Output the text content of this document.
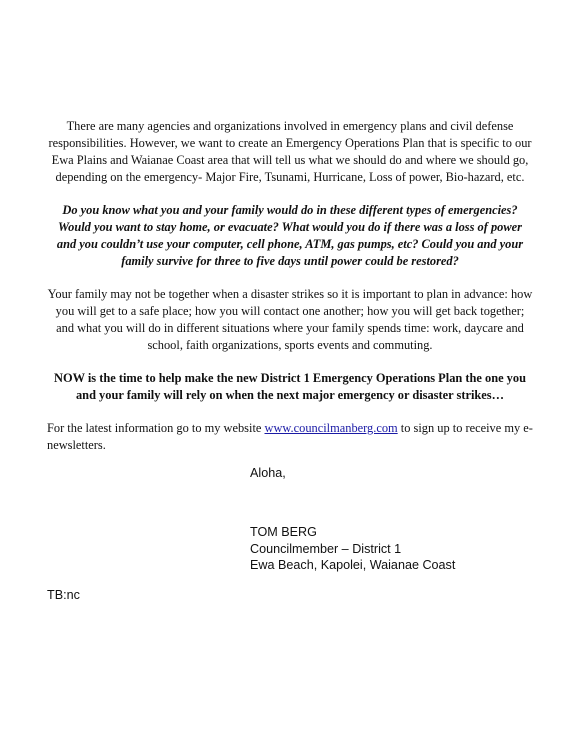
There are many agencies and organizations involved in emergency plans and civil defense responsibilities. However, we want to create an Emergency Operations Plan that is specific to our Ewa Plains and Waianae Coast area that will tell us what we should do and where we should go, depending on the emergency- Major Fire, Tsunami, Hurricane, Loss of power, Bio-hazard, etc.

Do you know what you and your family would do in these different types of emergencies? Would you want to stay home, or evacuate? What would you do if there was a loss of power and you couldn’t use your computer, cell phone, ATM, gas pumps, etc? Could you and your family survive for three to five days until power could be restored?

Your family may not be together when a disaster strikes so it is important to plan in advance: how you will get to a safe place; how you will contact one another; how you will get back together; and what you will do in different situations where your family spends time: work, daycare and school, faith organizations, sports events and commuting.

NOW is the time to help make the new District 1 Emergency Operations Plan the one you and your family will rely on when the next major emergency or disaster strikes…

For the latest information go to my website www.councilmanberg.com to sign up to receive my e-newsletters.

Aloha,

TOM BERG
Councilmember – District 1
Ewa Beach, Kapolei, Waianae Coast

TB:nc
